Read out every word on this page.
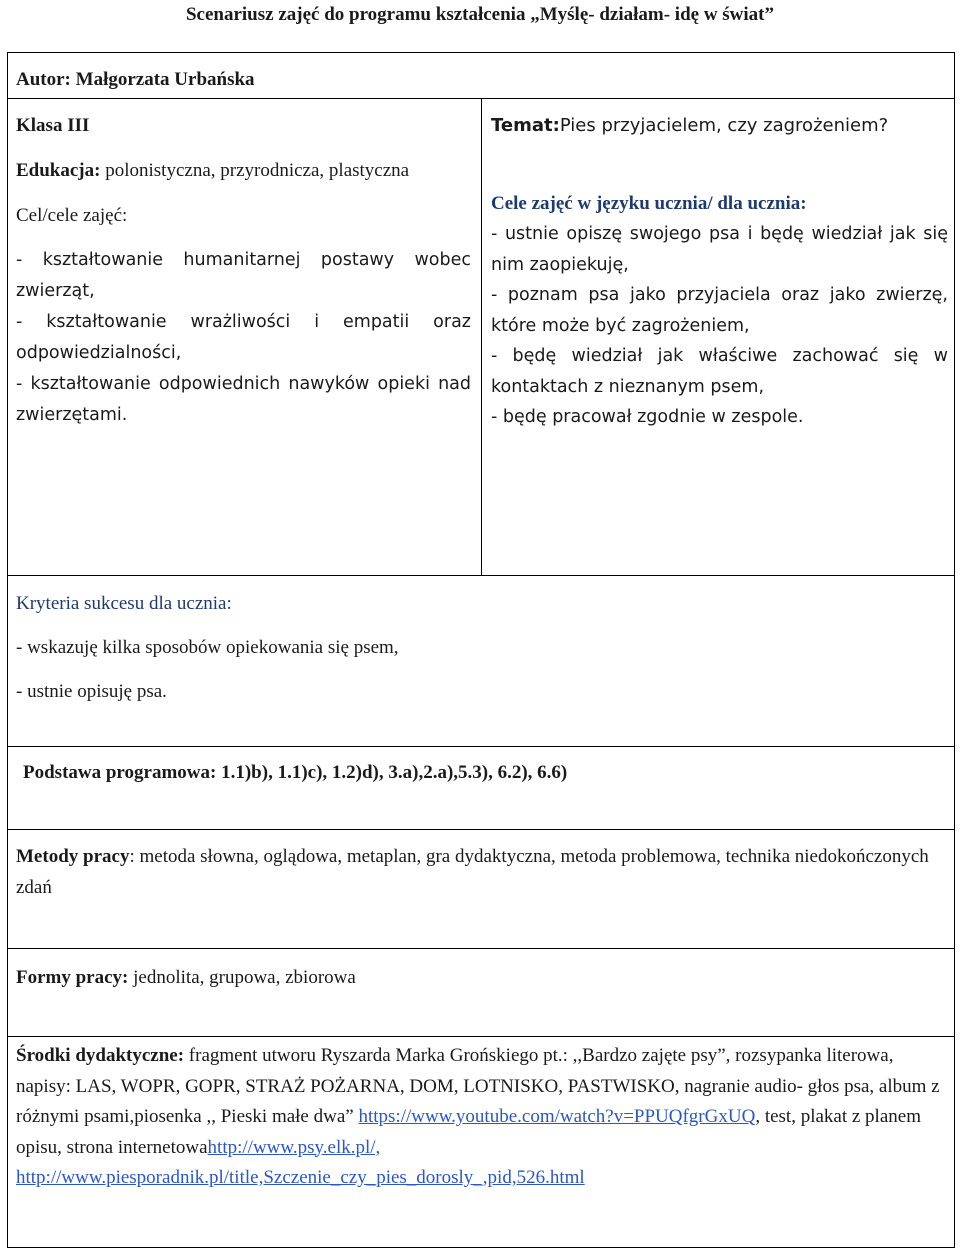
Scenariusz zajęć do programu kształcenia „Myślę- działam- idę w świat”
Autor: Małgorzata Urbańska

Klasa III

Edukacja: polonistyczna, przyrodnicza, plastyczna

Cel/cele zajęć:

- kształtowanie humanitarnej postawy wobec zwierząt,

- kształtowanie wrażliwości i empatii oraz odpowiedzialności,

- kształtowanie odpowiednich nawyków opieki nad zwierzętami.

Temat:Pies przyjacielem, czy zagrożeniem?

Cele zajęć w języku ucznia/ dla ucznia:

- ustnie opiszę swojego psa i będę wiedział jak się nim zaopiekuję,

- poznam psa jako przyjaciela oraz jako zwierzę, które może być zagrożeniem,

- będę wiedział jak właściwe zachować się w kontaktach z nieznanym psem,

- będę pracował zgodnie w zespole.

Kryteria sukcesu dla ucznia:

- wskazuję kilka sposobów opiekowania się psem,

- ustnie opisuję psa.

Podstawa programowa: 1.1)b), 1.1)c), 1.2)d), 3.a),2.a),5.3), 6.2), 6.6)
Metody pracy: metoda słowna, oglądowa, metaplan, gra dydaktyczna, metoda problemowa, technika niedokończonych zdań
Formy pracy: jednolita, grupowa, zbiorowa
Środki dydaktyczne: fragment utworu Ryszarda Marka Grońskiego pt.: ,,Bardzo zajęte psy”, rozsypanka literowa, napisy: LAS, WOPR, GOPR, STRAŻ POŻARNA, DOM, LOTNISKO, PASTWISKO, nagranie audio- głos psa, album z różnymi psami,piosenka ,, Pieski małe dwa” https://www.youtube.com/watch?v=PPUQfgrGxUQ, test, plakat z planem opisu, strona internetowahttp://www.psy.elk.pl/,
http://www.piesporadnik.pl/title,Szczenie_czy_pies_dorosly_,pid,526.html
